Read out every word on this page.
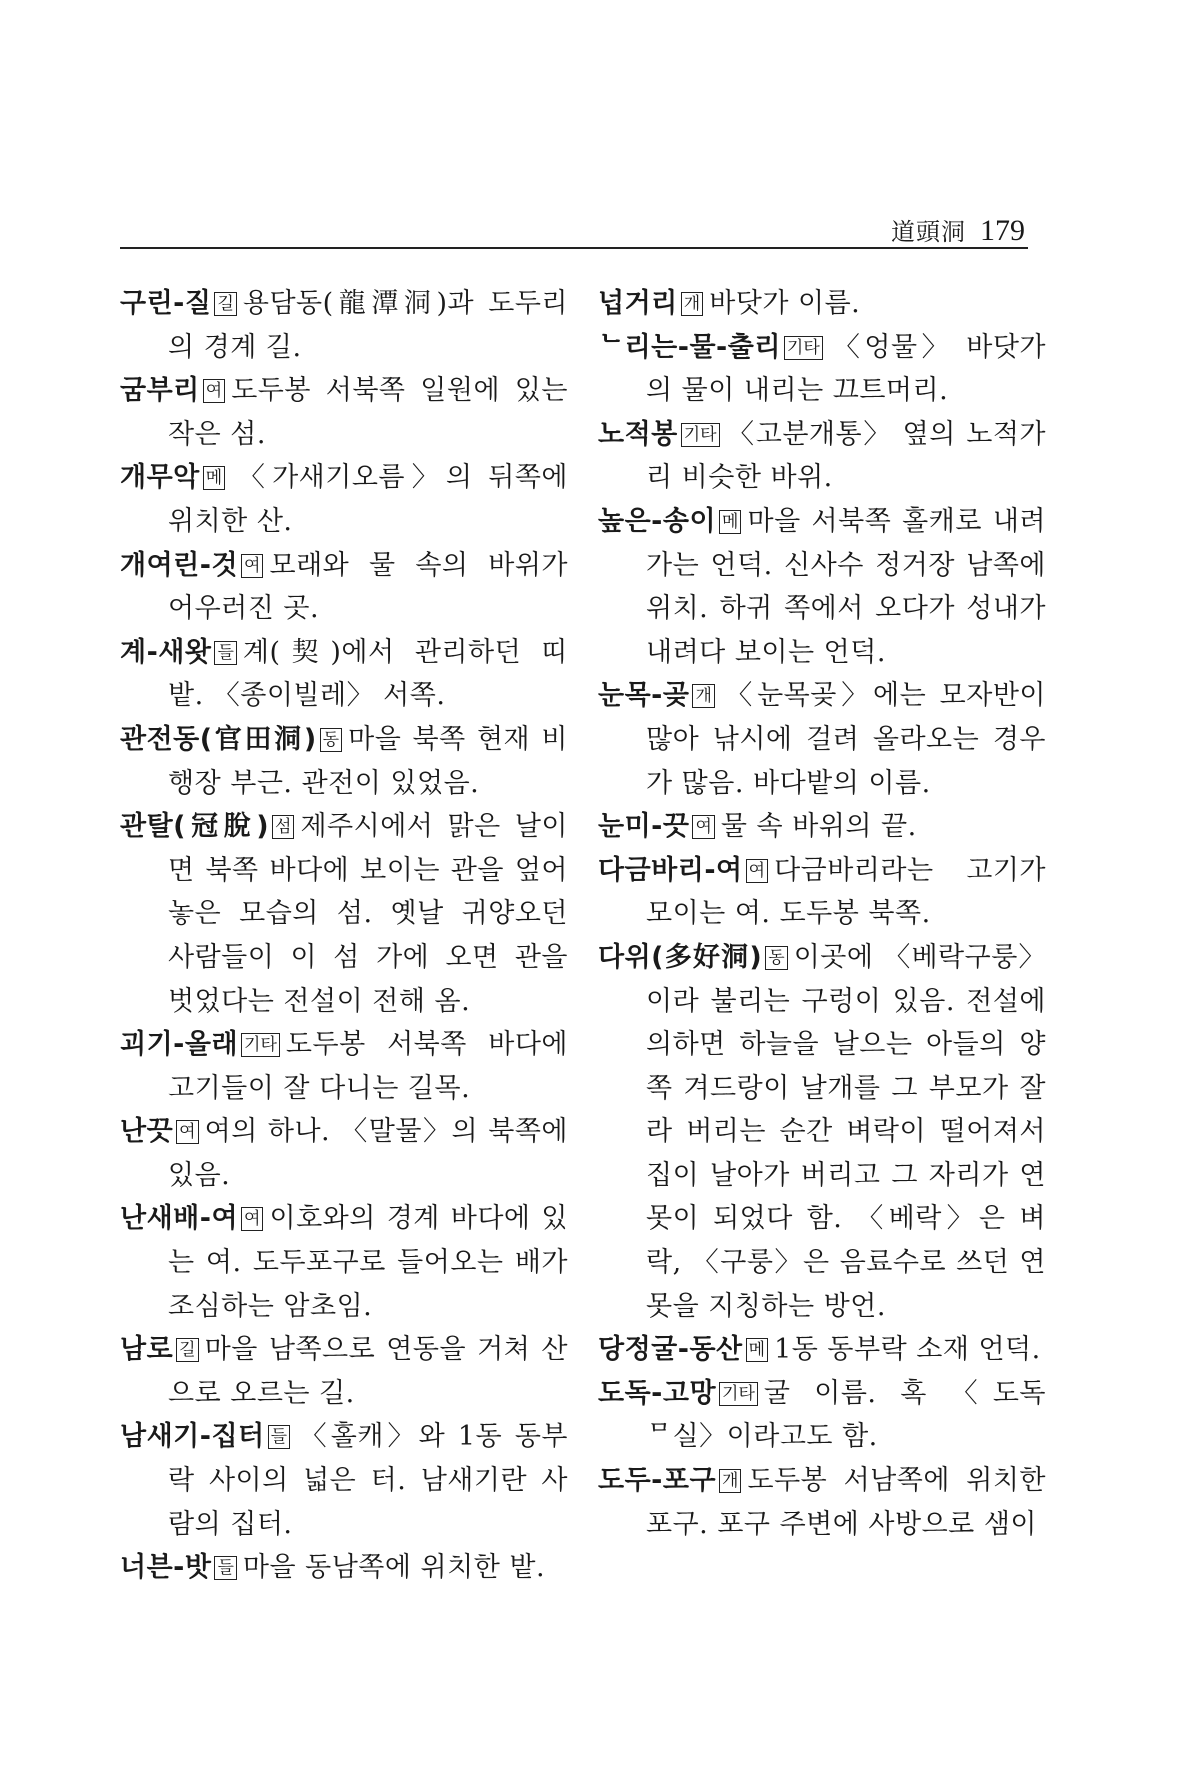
道頭洞 179

구린-질 길 용담동(龍潭洞)과 도두리의 경계 길.

굼부리 여 도두봉 서북쪽 일원에 있는 작은 섬.

개무악 메 〈가새기오름〉의 뒤쪽에 위치한 산.

개여린-것 여 모래와 물 속의 바위가 어우러진 곳.

계-새왓 들 계(契)에서 관리하던 띠 밭. 〈종이빌레〉 서쪽.

관전동(官田洞) 동 마을 북쪽 현재 비행장 부근. 관전이 있었음.

관탈(冠脫) 섬 제주시에서 맑은 날이면 북쪽 바다에 보이는 관을 엎어 놓은 모습의 섬. 옛날 귀양오던 사람들이 이 섬 가에 오면 관을 벗었다는 전설이 전해 옴.

괴기-올래 기타 도두봉 서북쪽 바다에 고기들이 잘 다니는 길목.

난끗 여 여의 하나. 〈말물〉의 북쪽에 있음.

난새배-여 여 이호와의 경계 바다에 있는 여. 도두포구로 들어오는 배가 조심하는 암초임.

남로 길 마을 남쪽으로 연동을 거쳐 산으로 오르는 길.

남새기-집터 들 〈홀캐〉와 1동 동부락 사이의 넓은 터. 남새기란 사람의 집터.

너븐-밧 들 마을 동남쪽에 위치한 밭.

넙거리 개 바닷가 이름.

ᄂ리는-물-출리 기타 〈엉물〉 바닷가의 물이 내리는 끄트머리.

노적봉 기타 〈고분개통〉 옆의 노적가리 비슷한 바위.

높은-송이 메 마을 서북쪽 홀캐로 내려가는 언덕. 신사수 정거장 남쪽에 위치. 하귀 쪽에서 오다가 성내가 내려다 보이는 언덕.

눈목-곶 개 〈눈목곶〉에는 모자반이 많아 낚시에 걸려 올라오는 경우가 많음. 바다밭의 이름.

눈미-끗 여 물 속 바위의 끝.

다금바리-여 여 다금바리라는 고기가 모이는 여. 도두봉 북쪽.

다위(多好洞) 동 이곳에 〈베락구룽〉이라 불리는 구렁이 있음. 전설에 의하면 하늘을 날으는 아들의 양쪽 겨드랑이 날개를 그 부모가 잘라 버리는 순간 벼락이 떨어져서 집이 날아가 버리고 그 자리가 연못이 되었다 함. 〈베락〉은 벼락, 〈구룽〉은 음료수로 쓰던 연못을 지칭하는 방언.

당정굴-동산 메 1동 동부락 소재 언덕.

도독-고망 기타 굴 이름. 혹 〈도독ᄆ실〉이라고도 함.

도두-포구 개 도두봉 서남쪽에 위치한 포구. 포구 주변에 사방으로 샘이
